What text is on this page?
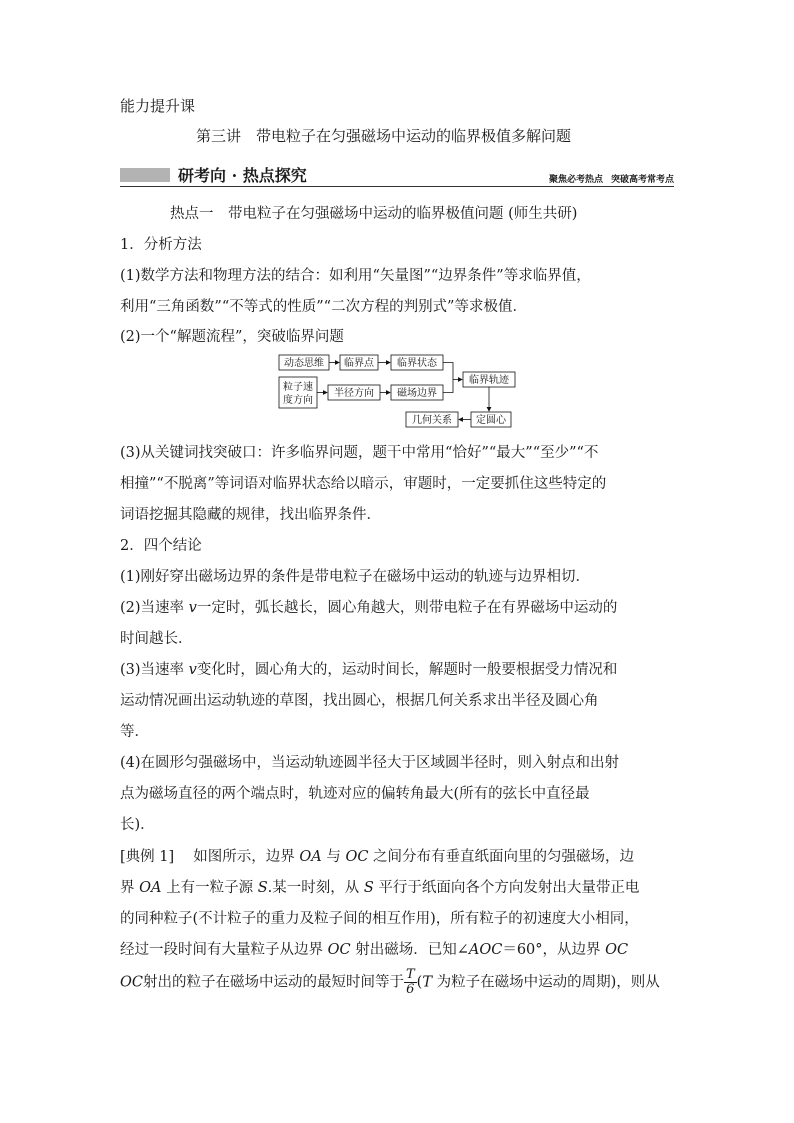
能力提升课
第三讲　带电粒子在匀强磁场中运动的临界极值多解问题
研考向 · 热点探究	聚焦必考热点 突破高考常考点
热点一　带电粒子在匀强磁场中运动的临界极值问题 (师生共研)
1．分析方法
(1)数学方法和物理方法的结合：如利用“矢量图”“边界条件”等求临界值，
利用“三角函数”“不等式的性质”“二次方程的判别式”等求极值．
(2)一个“解题流程”，突破临界问题
动态思维 临界点 临界状态
粒子速
度方向
半径方向 磁场边界
临界轨迹
几何关系 定圆心
(3)从关键词找突破口：许多临界问题，题干中常用“恰好”“最大”“至少”“不
相撞”“不脱离”等词语对临界状态给以暗示，审题时，一定要抓住这些特定的
词语挖掘其隐藏的规律，找出临界条件．
2．四个结论
(1)刚好穿出磁场边界的条件是带电粒子在磁场中运动的轨迹与边界相切．
(2)当速率 v一定时，弧长越长，圆心角越大，则带电粒子在有界磁场中运动的
时间越长．
(3)当速率 v变化时，圆心角大的，运动时间长，解题时一般要根据受力情况和
运动情况画出运动轨迹的草图，找出圆心，根据几何关系求出半径及圆心角
等．
(4)在圆形匀强磁场中，当运动轨迹圆半径大于区域圆半径时，则入射点和出射
点为磁场直径的两个端点时，轨迹对应的偏转角最大(所有的弦长中直径最
长)．
[典例 1]　 如图所示，边界 OA 与 OC 之间分布有垂直纸面向里的匀强磁场，边
界 OA 上有一粒子源 S.某一时刻，从 S 平行于纸面向各个方向发射出大量带正电
的同种粒子(不计粒子的重力及粒子间的相互作用)，所有粒子的初速度大小相同，
经过一段时间有大量粒子从边界 OC 射出磁场．已知∠AOC＝60°，从边界 OC
OC射出的粒子在磁场中运动的最短时间等于 $\frac{T}{6} (T$ 为粒子在磁场中运动的周期)，则从
